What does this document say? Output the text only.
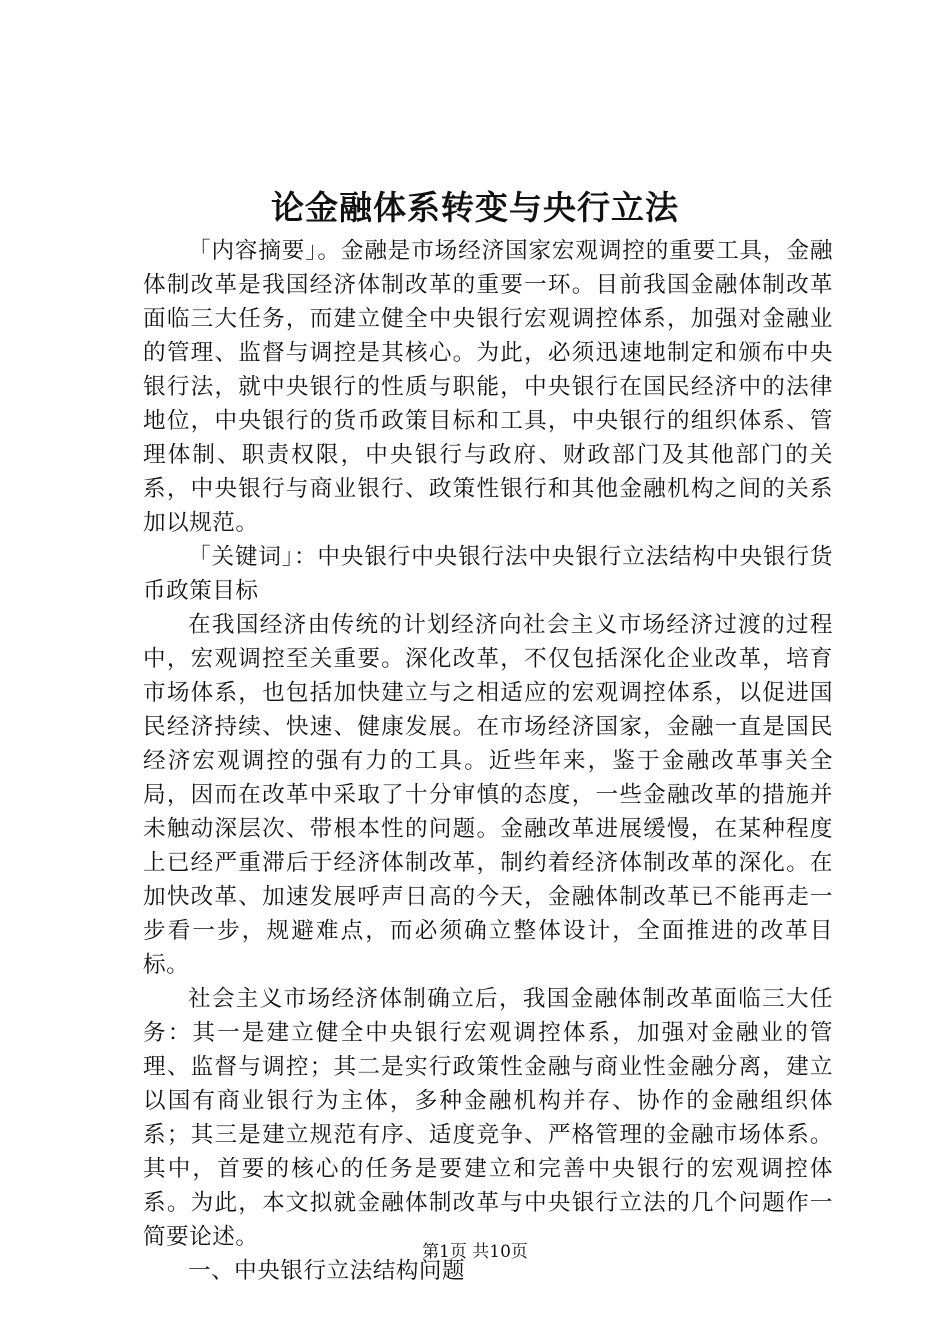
论金融体系转变与央行立法

「内容摘要」。金融是市场经济国家宏观调控的重要工具，金融体制改革是我国经济体制改革的重要一环。目前我国金融体制改革面临三大任务，而建立健全中央银行宏观调控体系，加强对金融业的管理、监督与调控是其核心。为此，必须迅速地制定和颁布中央银行法，就中央银行的性质与职能，中央银行在国民经济中的法律地位，中央银行的货币政策目标和工具，中央银行的组织体系、管理体制、职责权限，中央银行与政府、财政部门及其他部门的关系，中央银行与商业银行、政策性银行和其他金融机构之间的关系加以规范。

「关键词」：中央银行中央银行法中央银行立法结构中央银行货币政策目标

在我国经济由传统的计划经济向社会主义市场经济过渡的过程中，宏观调控至关重要。深化改革，不仅包括深化企业改革，培育市场体系，也包括加快建立与之相适应的宏观调控体系，以促进国民经济持续、快速、健康发展。在市场经济国家，金融一直是国民经济宏观调控的强有力的工具。近些年来，鉴于金融改革事关全局，因而在改革中采取了十分审慎的态度，一些金融改革的措施并未触动深层次、带根本性的问题。金融改革进展缓慢，在某种程度上已经严重滞后于经济体制改革，制约着经济体制改革的深化。在加快改革、加速发展呼声日高的今天，金融体制改革已不能再走一步看一步，规避难点，而必须确立整体设计，全面推进的改革目标。

社会主义市场经济体制确立后，我国金融体制改革面临三大任务：其一是建立健全中央银行宏观调控体系，加强对金融业的管理、监督与调控；其二是实行政策性金融与商业性金融分离，建立以国有商业银行为主体，多种金融机构并存、协作的金融组织体系；其三是建立规范有序、适度竞争、严格管理的金融市场体系。其中，首要的核心的任务是要建立和完善中央银行的宏观调控体系。为此，本文拟就金融体制改革与中央银行立法的几个问题作一简要论述。

一、中央银行立法结构问题

第1页 共10页
